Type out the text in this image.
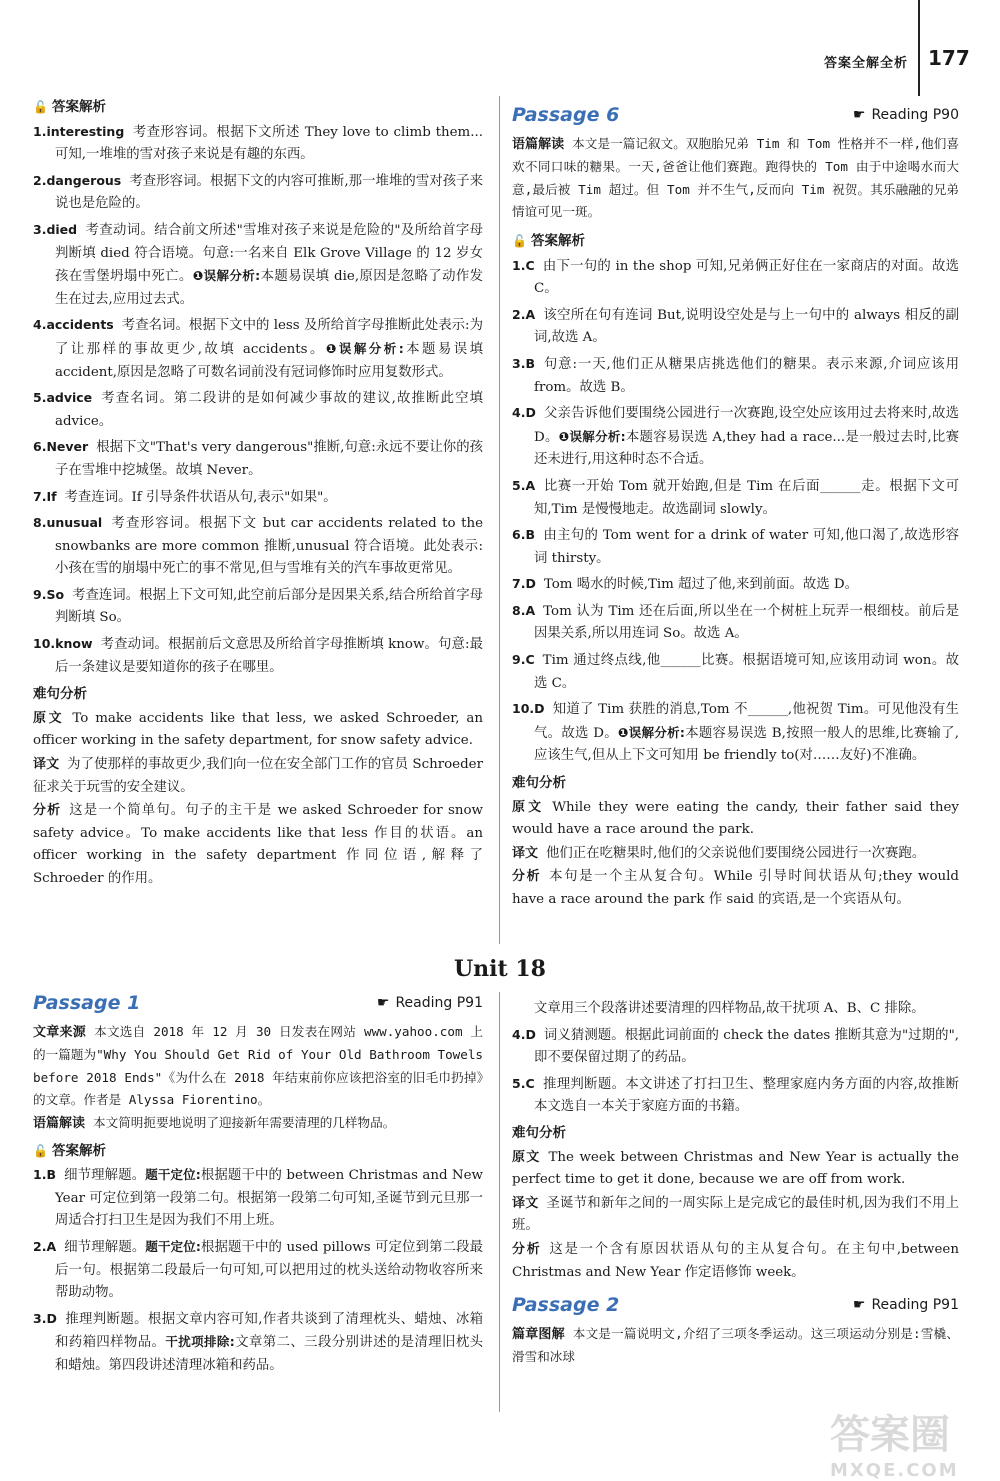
答案全解全析 177
🔓 答案解析

1.interesting 考查形容词。根据下文所述 They love to climb them...可知,一堆堆的雪对孩子来说是有趣的东西。

2.dangerous 考查形容词。根据下文的内容可推断,那一堆堆的雪对孩子来说也是危险的。

3.died 考查动词。结合前文所述"雪堆对孩子来说是危险的"及所给首字母判断填 died 符合语境。句意:一名来自 Elk Grove Village 的 12 岁女孩在雪堡坍塌中死亡。❶误解分析:本题易误填 die,原因是忽略了动作发生在过去,应用过去式。

4.accidents 考查名词。根据下文中的 less 及所给首字母推断此处表示:为了让那样的事故更少,故填 accidents。❶误解分析:本题易误填 accident,原因是忽略了可数名词前没有冠词修饰时应用复数形式。

5.advice 考查名词。第二段讲的是如何减少事故的建议,故推断此空填 advice。

6.Never 根据下文"That's very dangerous"推断,句意:永远不要让你的孩子在雪堆中挖城堡。故填 Never。

7.If 考查连词。If 引导条件状语从句,表示"如果"。

8.unusual 考查形容词。根据下文 but car accidents related to the snowbanks are more common 推断,unusual 符合语境。此处表示:小孩在雪的崩塌中死亡的事不常见,但与雪堆有关的汽车事故更常见。

9.So 考查连词。根据上下文可知,此空前后部分是因果关系,结合所给首字母判断填 So。

10.know 考查动词。根据前后文意思及所给首字母推断填 know。句意:最后一条建议是要知道你的孩子在哪里。

难句分析

原文 To make accidents like that less, we asked Schroeder, an officer working in the safety department, for snow safety advice.

译文 为了使那样的事故更少,我们向一位在安全部门工作的官员 Schroeder 征求关于玩雪的安全建议。

分析 这是一个简单句。句子的主干是 we asked Schroeder for snow safety advice。To make accidents like that less 作目的状语。an officer working in the safety department 作同位语,解释了 Schroeder 的作用。

Passage 6	☛ Reading P90

语篇解读 本文是一篇记叙文。双胞胎兄弟 Tim 和 Tom 性格并不一样,他们喜欢不同口味的糖果。一天,爸爸让他们赛跑。跑得快的 Tom 由于中途喝水而大意,最后被 Tim 超过。但 Tom 并不生气,反而向 Tim 祝贺。其乐融融的兄弟情谊可见一斑。

🔓 答案解析

1.C 由下一句的 in the shop 可知,兄弟俩正好住在一家商店的对面。故选 C。

2.A 该空所在句有连词 But,说明设空处是与上一句中的 always 相反的副词,故选 A。

3.B 句意:一天,他们正从糖果店挑选他们的糖果。表示来源,介词应该用 from。故选 B。

4.D 父亲告诉他们要围绕公园进行一次赛跑,设空处应该用过去将来时,故选 D。❶误解分析:本题容易误选 A,they had a race...是一般过去时,比赛还未进行,用这种时态不合适。

5.A 比赛一开始 Tom 就开始跑,但是 Tim 在后面______走。根据下文可知,Tim 是慢慢地走。故选副词 slowly。

6.B 由主句的 Tom went for a drink of water 可知,他口渴了,故选形容词 thirsty。

7.D Tom 喝水的时候,Tim 超过了他,来到前面。故选 D。

8.A Tom 认为 Tim 还在后面,所以坐在一个树桩上玩弄一根细枝。前后是因果关系,所以用连词 So。故选 A。

9.C Tim 通过终点线,他______比赛。根据语境可知,应该用动词 won。故选 C。

10.D 知道了 Tim 获胜的消息,Tom 不______,他祝贺 Tim。可见他没有生气。故选 D。❶误解分析:本题容易误选 B,按照一般人的思维,比赛输了,应该生气,但从上下文可知用 be friendly to(对……友好)不准确。

难句分析

原文 While they were eating the candy, their father said they would have a race around the park.

译文 他们正在吃糖果时,他们的父亲说他们要围绕公园进行一次赛跑。

分析 本句是一个主从复合句。While 引导时间状语从句;they would have a race around the park 作 said 的宾语,是一个宾语从句。

Unit 18
Passage 1	☛ Reading P91

文章来源 本文选自 2018 年 12 月 30 日发表在网站 www.yahoo.com 上的一篇题为"Why You Should Get Rid of Your Old Bathroom Towels before 2018 Ends"《为什么在 2018 年结束前你应该把浴室的旧毛巾扔掉》的文章。作者是 Alyssa Fiorentino。

语篇解读 本文简明扼要地说明了迎接新年需要清理的几样物品。

🔓 答案解析

1.B 细节理解题。题干定位:根据题干中的 between Christmas and New Year 可定位到第一段第二句。根据第一段第二句可知,圣诞节到元旦那一周适合打扫卫生是因为我们不用上班。

2.A 细节理解题。题干定位:根据题干中的 used pillows 可定位到第二段最后一句。根据第二段最后一句可知,可以把用过的枕头送给动物收容所来帮助动物。

3.D 推理判断题。根据文章内容可知,作者共谈到了清理枕头、蜡烛、冰箱和药箱四样物品。干扰项排除:文章第二、三段分别讲述的是清理旧枕头和蜡烛。第四段讲述清理冰箱和药品。

文章用三个段落讲述要清理的四样物品,故干扰项 A、B、C 排除。

4.D 词义猜测题。根据此词前面的 check the dates 推断其意为"过期的",即不要保留过期了的药品。

5.C 推理判断题。本文讲述了打扫卫生、整理家庭内务方面的内容,故推断本文选自一本关于家庭方面的书籍。

难句分析

原文 The week between Christmas and New Year is actually the perfect time to get it done, because we are off from work.

译文 圣诞节和新年之间的一周实际上是完成它的最佳时机,因为我们不用上班。

分析 这是一个含有原因状语从句的主从复合句。在主句中,between Christmas and New Year 作定语修饰 week。

Passage 2	☛ Reading P91

篇章图解 本文是一篇说明文,介绍了三项冬季运动。这三项运动分别是:雪橇、滑雪和冰球

答案圈
MXQE.COM
